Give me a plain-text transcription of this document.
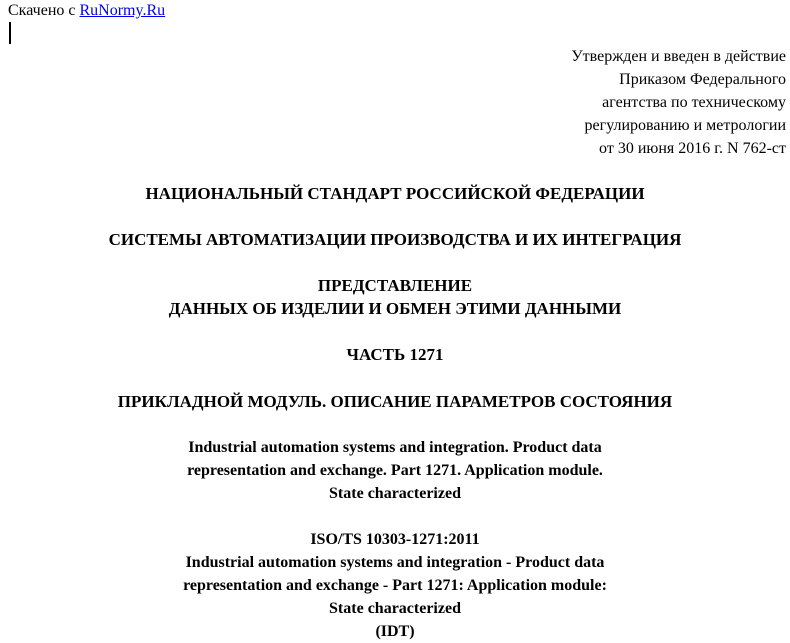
Скачено с RuNormy.Ru
Утвержден и введен в действие
Приказом Федерального
агентства по техническому
регулированию и метрологии
от 30 июня 2016 г. N 762-ст
НАЦИОНАЛЬНЫЙ СТАНДАРТ РОССИЙСКОЙ ФЕДЕРАЦИИ
СИСТЕМЫ АВТОМАТИЗАЦИИ ПРОИЗВОДСТВА И ИХ ИНТЕГРАЦИЯ
ПРЕДСТАВЛЕНИЕ
ДАННЫХ ОБ ИЗДЕЛИИ И ОБМЕН ЭТИМИ ДАННЫМИ
ЧАСТЬ 1271
ПРИКЛАДНОЙ МОДУЛЬ. ОПИСАНИЕ ПАРАМЕТРОВ СОСТОЯНИЯ
Industrial automation systems and integration. Product data
representation and exchange. Part 1271. Application module.
State characterized
ISO/TS 10303-1271:2011
Industrial automation systems and integration - Product data
representation and exchange - Part 1271: Application module:
State characterized
(IDT)
